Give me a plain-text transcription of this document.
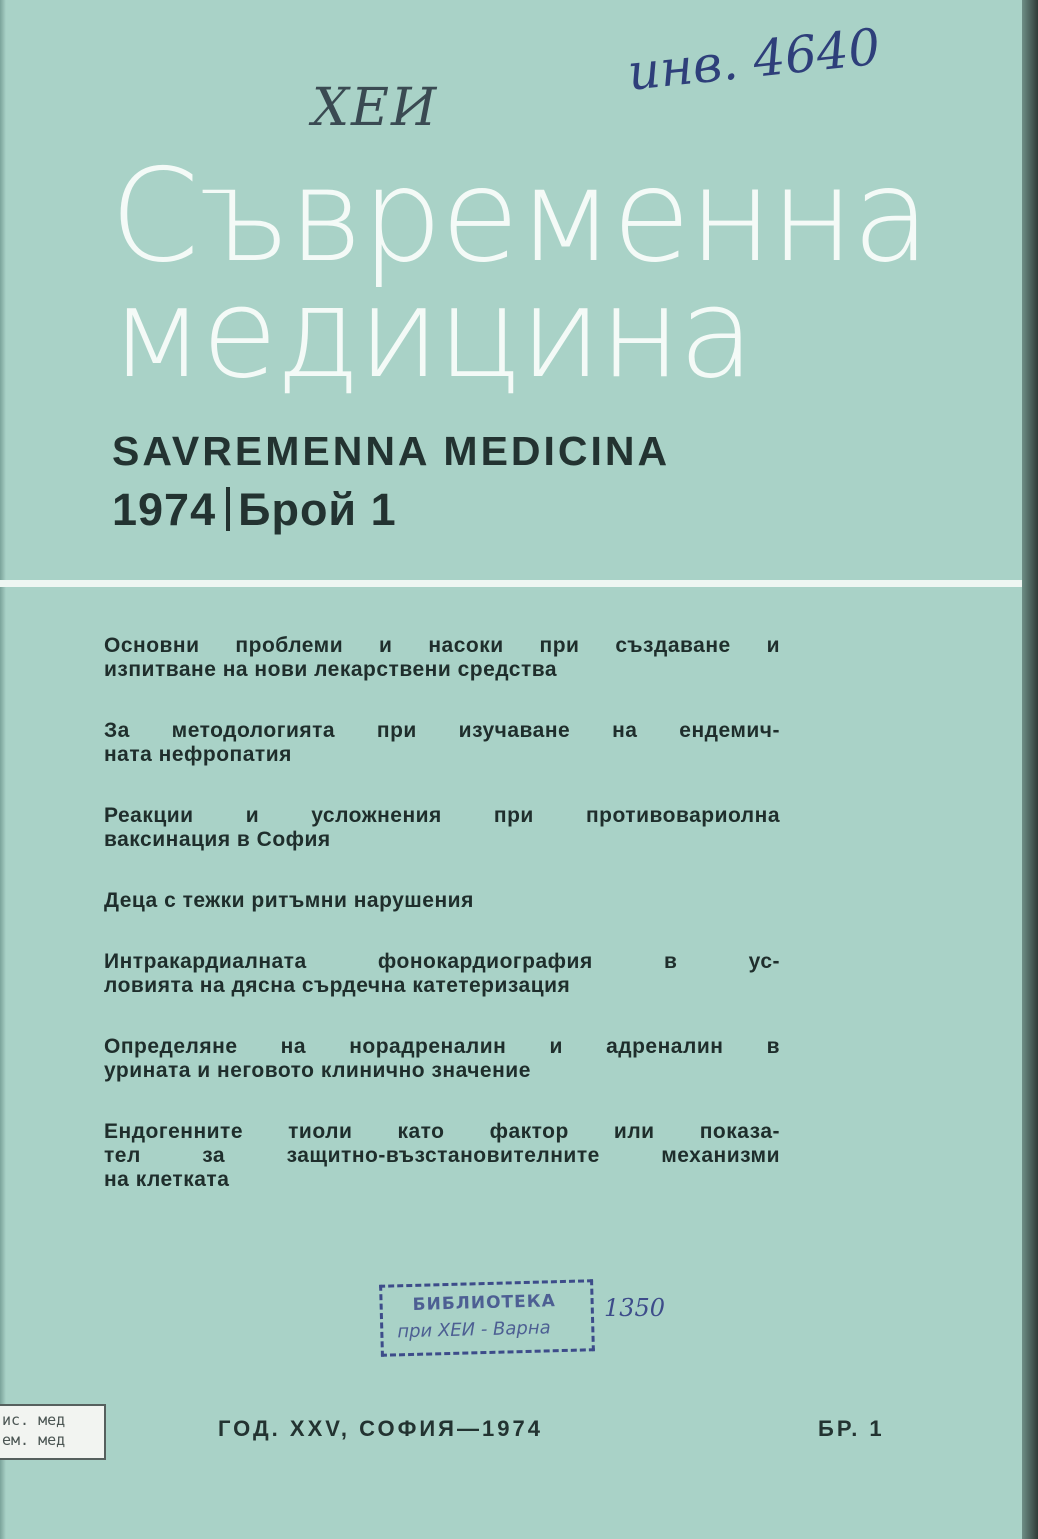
ХЕИ
инв. 4640
Съвременна
медицина
SAVREMENNA MEDICINA
1974 Брой 1
Основни проблеми и насоки при създаване и
изпитване на нови лекарствени средства
За методологията при изучаване на ендемич-
ната нефропатия
Реакции и усложнения при противовариолна
ваксинация в София
Деца с тежки ритъмни нарушения
Интракардиалната фонокардиография в ус-
ловията на дясна сърдечна катетеризация
Определяне на норадреналин и адреналин в
урината и неговото клинично значение
Ендогенните тиоли като фактор или показа-
тел за защитно-възстановителните механизми
на клетката
БИБЛИОТЕКА
при ХЕИ - Варна
1350
ис. мед
ем. мед	ГОД. XXV, СОФИЯ—1974	БР. 1
